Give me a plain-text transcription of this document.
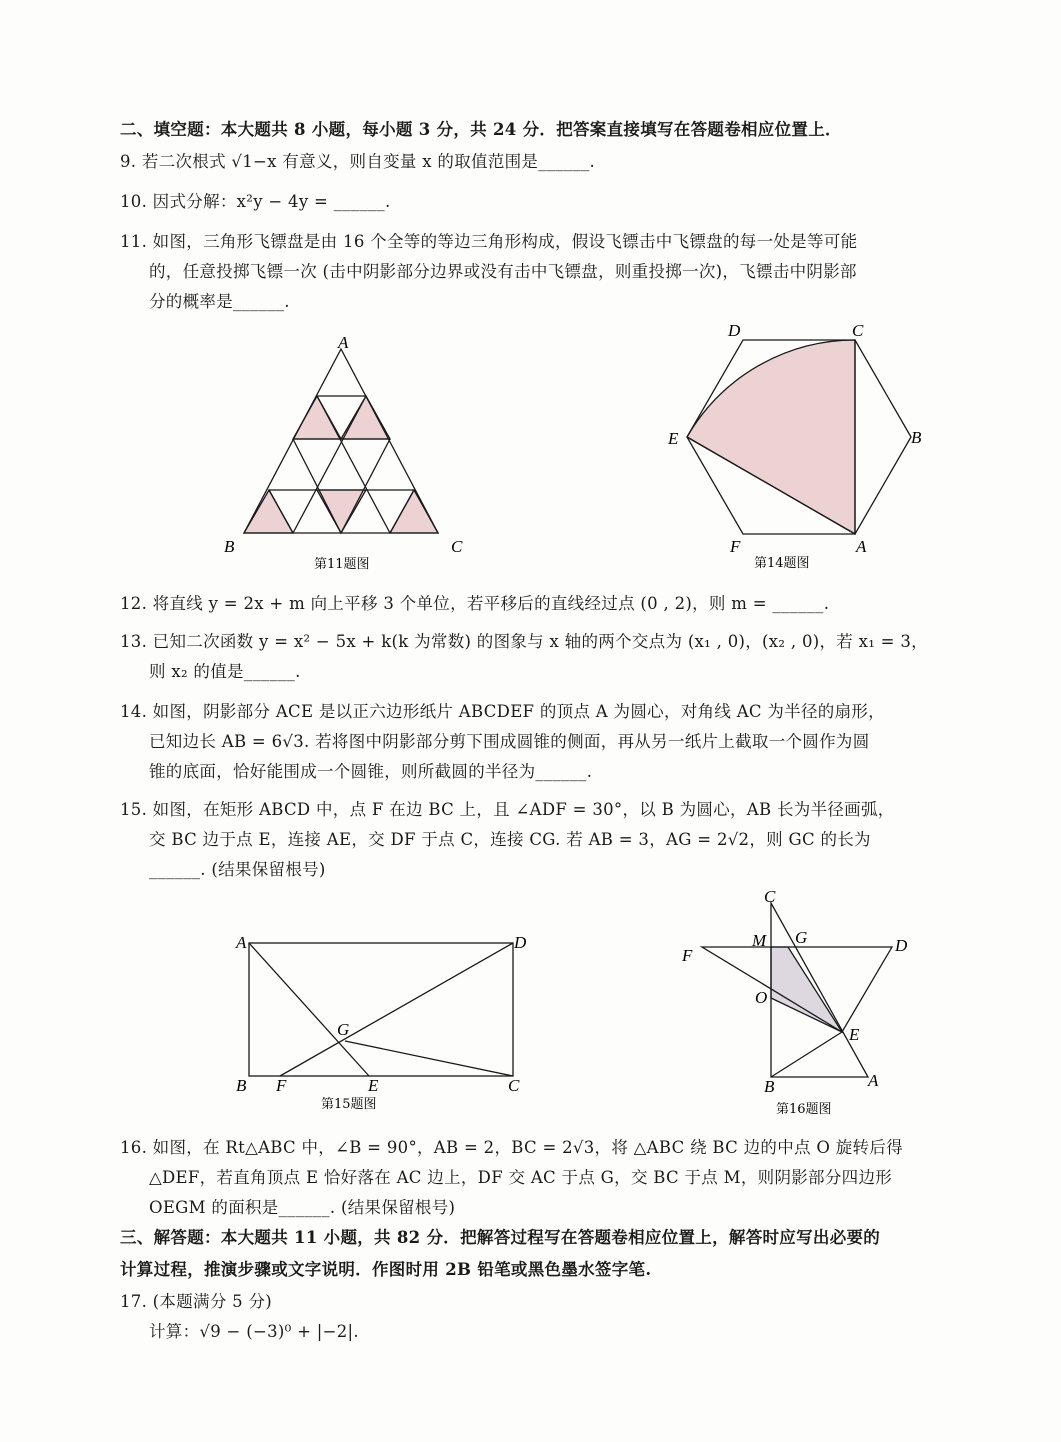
二、填空题：本大题共 8 小题，每小题 3 分，共 24 分．把答案直接填写在答题卷相应位置上．
9. 若二次根式 √1−x 有意义，则自变量 x 的取值范围是______.
10. 因式分解：x²y − 4y = ______.
11. 如图，三角形飞镖盘是由 16 个全等的等边三角形构成，假设飞镖击中飞镖盘的每一处是等可能
的，任意投掷飞镖一次 (击中阴影部分边界或没有击中飞镖盘，则重投掷一次)，飞镖击中阴影部
分的概率是______.
A
B	C
第11题图
A
B
C
D
E
F
第14题图
12. 将直线 y = 2x + m 向上平移 3 个单位，若平移后的直线经过点 (0 , 2)，则 m = ______.
13. 已知二次函数 y = x² − 5x + k(k 为常数) 的图象与 x 轴的两个交点为 (x₁ , 0)，(x₂ , 0)，若 x₁ = 3，
则 x₂ 的值是______.
14. 如图，阴影部分 ACE 是以正六边形纸片 ABCDEF 的顶点 A 为圆心，对角线 AC 为半径的扇形，
已知边长 AB = 6√3. 若将图中阴影部分剪下围成圆锥的侧面，再从另一纸片上截取一个圆作为圆
锥的底面，恰好能围成一个圆锥，则所截圆的半径为______.
15. 如图，在矩形 ABCD 中，点 F 在边 BC 上，且 ∠ADF = 30°，以 B 为圆心，AB 长为半径画弧，
交 BC 边于点 E，连接 AE，交 DF 于点 C，连接 CG. 若 AB = 3，AG = 2√2，则 GC 的长为
______. (结果保留根号)
A	D
G
B F	E	C
第15题图
C
M G	D
F
O
E
B	A
第16题图
16. 如图，在 Rt△ABC 中，∠B = 90°，AB = 2，BC = 2√3，将 △ABC 绕 BC 边的中点 O 旋转后得
△DEF，若直角顶点 E 恰好落在 AC 边上，DF 交 AC 于点 G，交 BC 于点 M，则阴影部分四边形
OEGM 的面积是______. (结果保留根号)
三、解答题：本大题共 11 小题，共 82 分．把解答过程写在答题卷相应位置上，解答时应写出必要的
计算过程，推演步骤或文字说明．作图时用 2B 铅笔或黑色墨水签字笔.
17. (本题满分 5 分)
计算：√9 − (−3)⁰ + |−2|.
